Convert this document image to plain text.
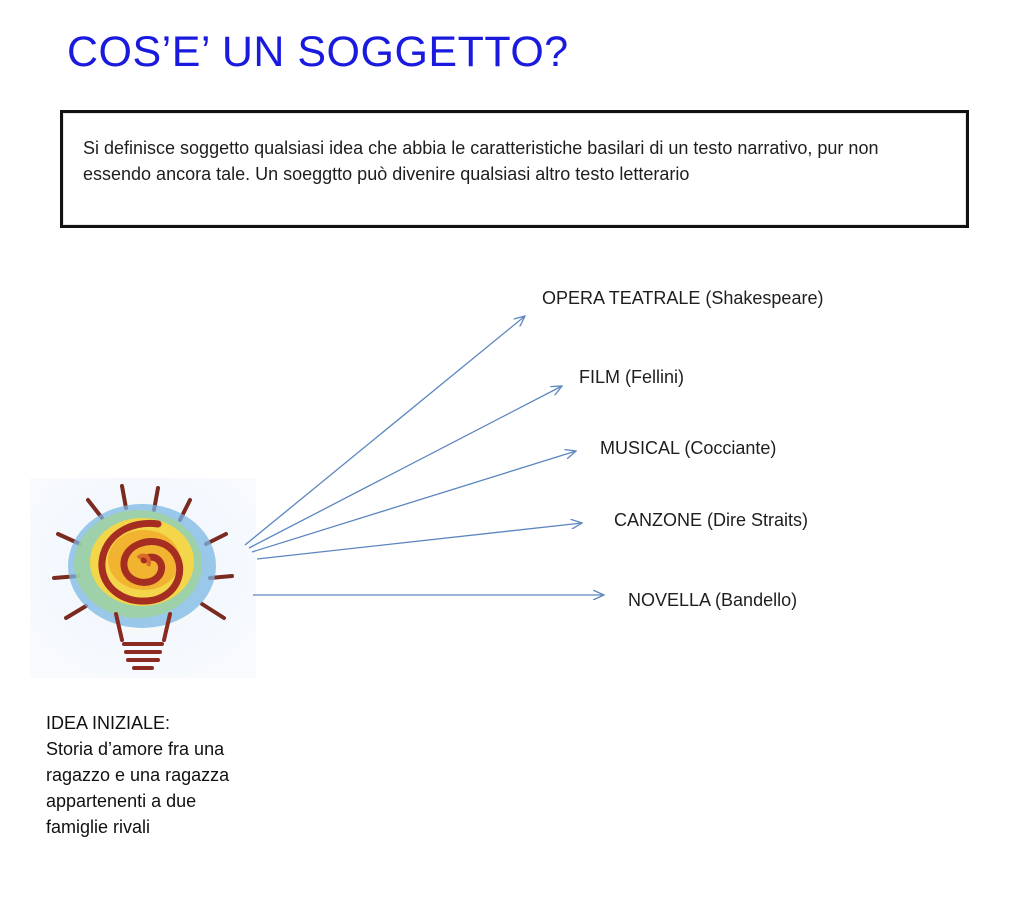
COS’E’ UN SOGGETTO?
Si definisce soggetto qualsiasi idea che abbia le caratteristiche basilari di un testo narrativo, pur non essendo ancora tale. Un soeggtto può divenire qualsiasi altro testo letterario
IDEA INIZIALE:
Storia d’amore fra una
ragazzo e una ragazza
appartenenti a due
famiglie rivali
OPERA TEATRALE (Shakespeare)
FILM (Fellini)
MUSICAL (Cocciante)
CANZONE (Dire Straits)
NOVELLA (Bandello)
